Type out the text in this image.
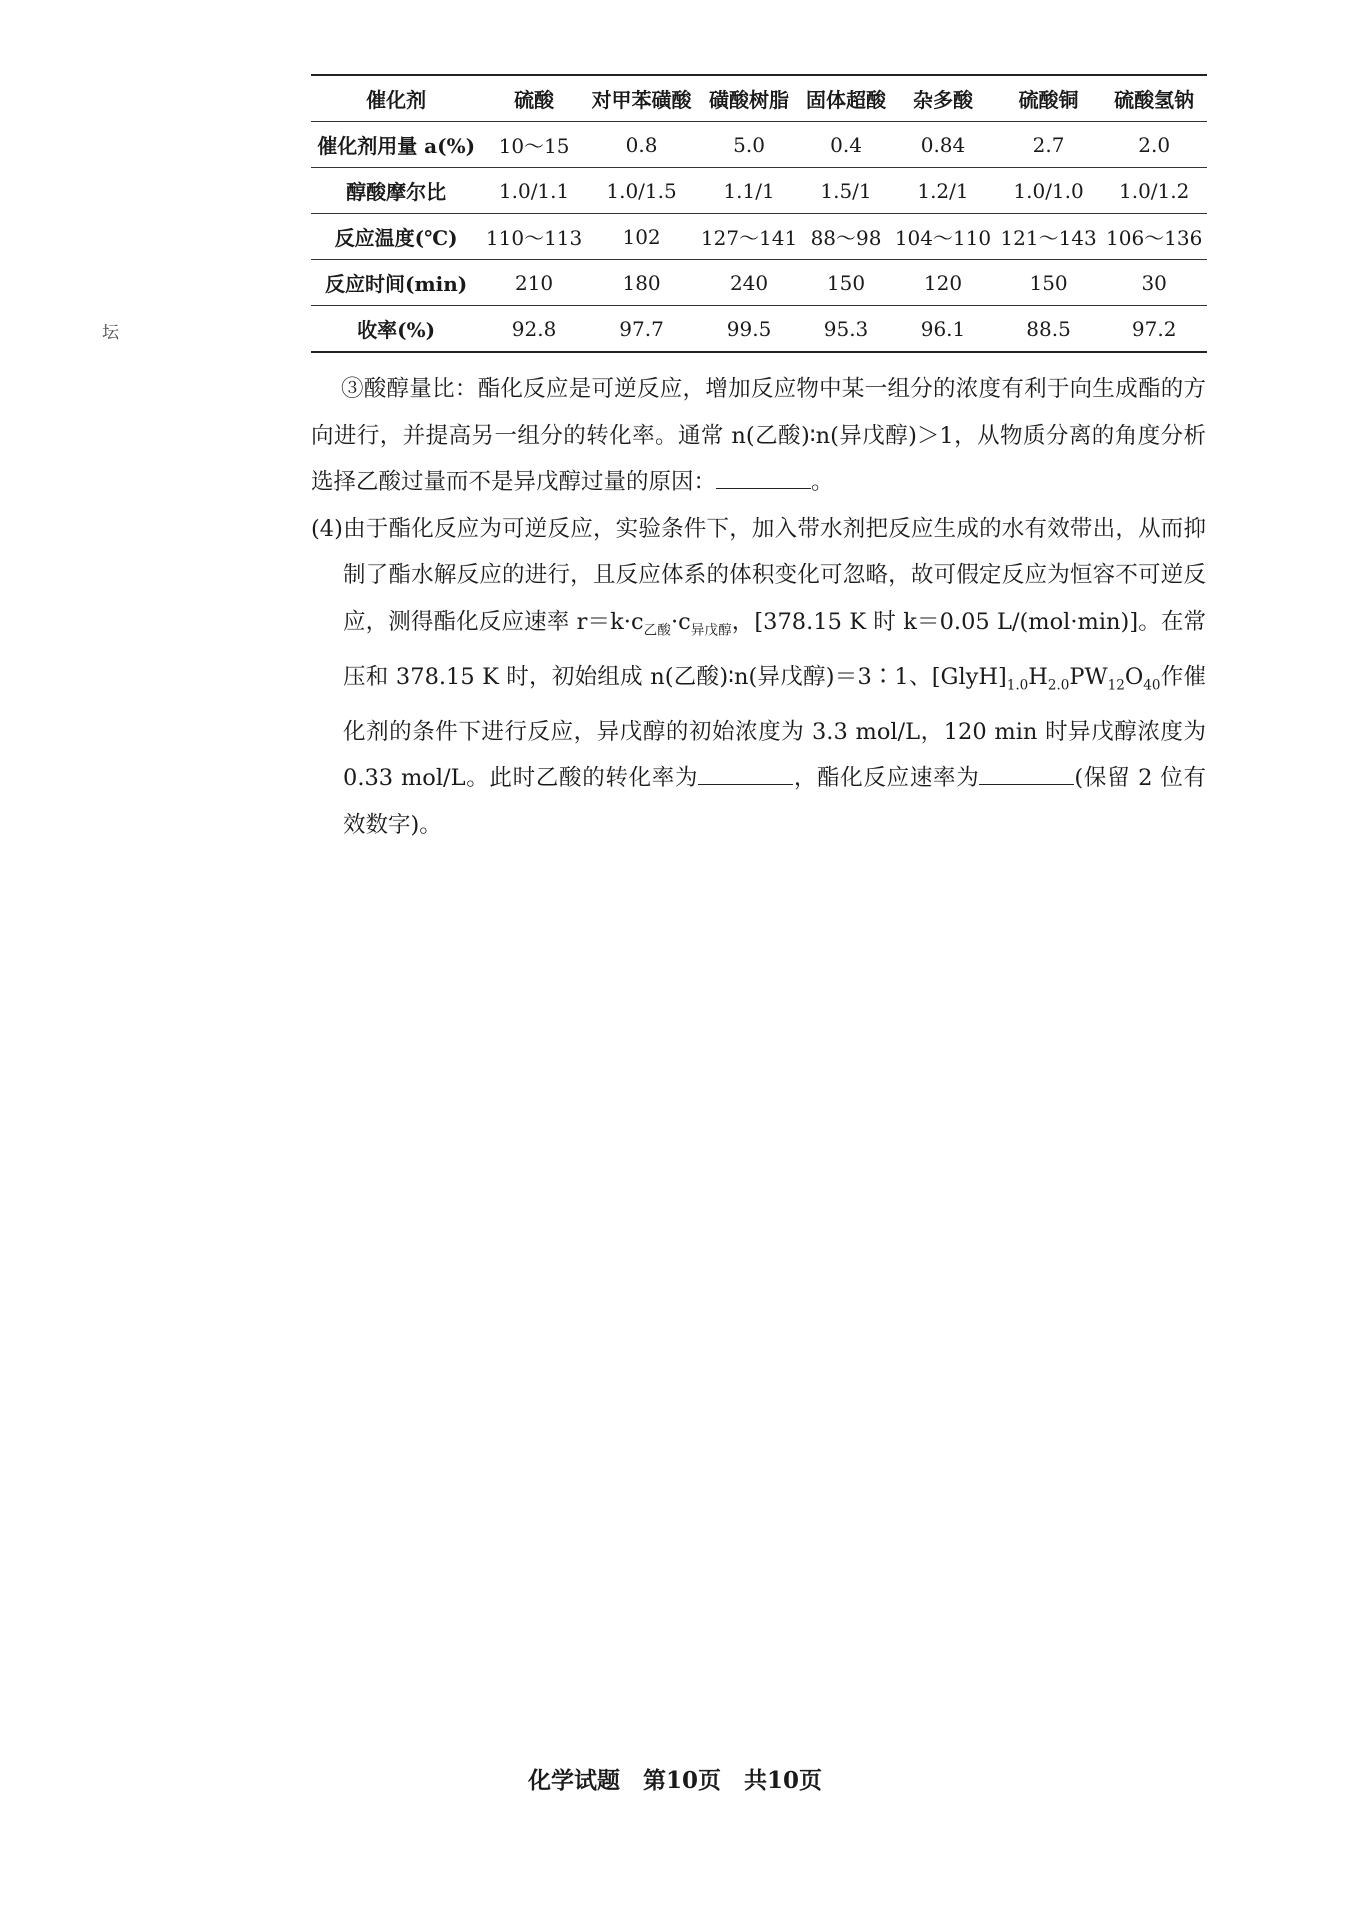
坛
催化剂	硫酸	对甲苯磺酸	磺酸树脂	固体超酸	杂多酸	硫酸铜	硫酸氢钠
催化剂用量 a(%)	10～15	0.8	5.0	0.4	0.84	2.7	2.0
醇酸摩尔比	1.0/1.1	1.0/1.5	1.1/1	1.5/1	1.2/1	1.0/1.0	1.0/1.2
反应温度(℃)	110～113	102	127～141	88～98	104～110	121～143	106～136
反应时间(min)	210	180	240	150	120	150	30
收率(%)	92.8	97.7	99.5	95.3	96.1	88.5	97.2

③酸醇量比：酯化反应是可逆反应，增加反应物中某一组分的浓度有利于向生成酯的方向进行，并提高另一组分的转化率。通常 n(乙酸)∶n(异戊醇)＞1，从物质分离的角度分析选择乙酸过量而不是异戊醇过量的原因：	。

(4)由于酯化反应为可逆反应，实验条件下，加入带水剂把反应生成的水有效带出，从而抑制了酯水解反应的进行，且反应体系的体积变化可忽略，故可假定反应为恒容不可逆反应，测得酯化反应速率 $r=k\cdot c_{乙酸}\cdot c_{异戊醇}$，[378.15 K 时 k＝0.05 L/(mol·min)]。在常压和 378.15 K 时，初始组成 n(乙酸)∶n(异戊醇)＝3∶1、$[GlyH]_{1.0}H_{2.0}PW_{12}O_{40}$作催化剂的条件下进行反应，异戊醇的初始浓度为 3.3 mol/L，120 min 时异戊醇浓度为 0.33 mol/L。此时乙酸的转化率为	，酯化反应速率为	(保留 2 位有效数字)。

化学试题　第10页　共10页
